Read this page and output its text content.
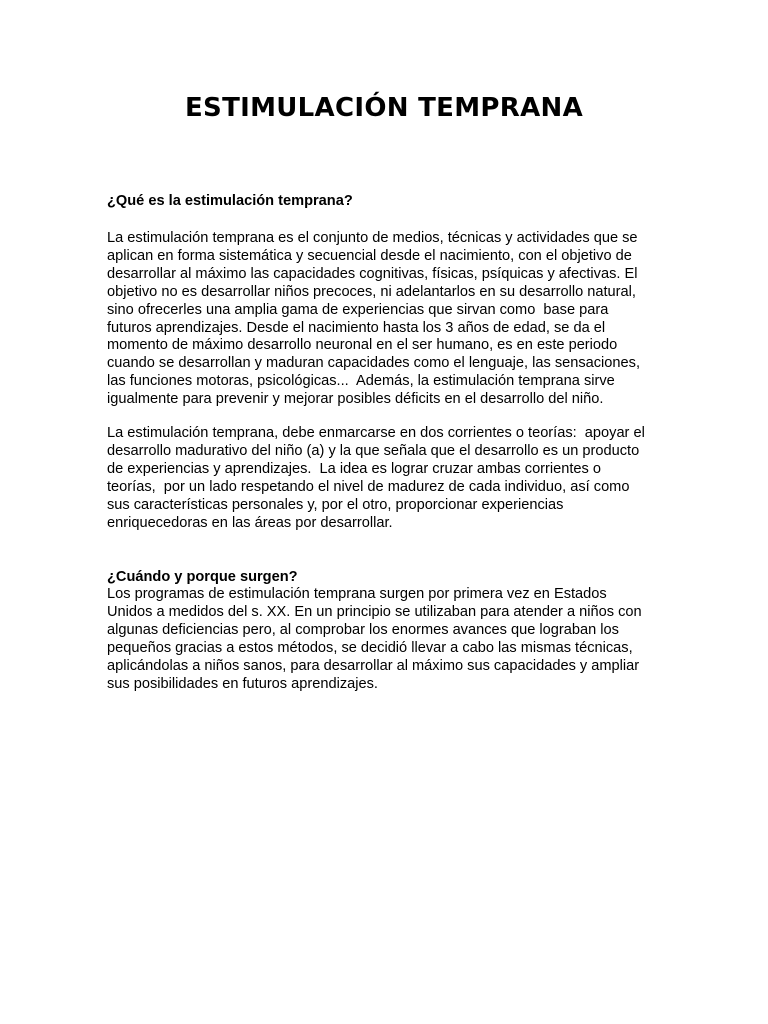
ESTIMULACIÓN TEMPRANA

¿Qué es la estimulación temprana?

La estimulación temprana es el conjunto de medios, técnicas y actividades que se
aplican en forma sistemática y secuencial desde el nacimiento, con el objetivo de
desarrollar al máximo las capacidades cognitivas, físicas, psíquicas y afectivas. El
objetivo no es desarrollar niños precoces, ni adelantarlos en su desarrollo natural,
sino ofrecerles una amplia gama de experiencias que sirvan como  base para
futuros aprendizajes. Desde el nacimiento hasta los 3 años de edad, se da el
momento de máximo desarrollo neuronal en el ser humano, es en este periodo
cuando se desarrollan y maduran capacidades como el lenguaje, las sensaciones,
las funciones motoras, psicológicas...  Además, la estimulación temprana sirve
igualmente para prevenir y mejorar posibles déficits en el desarrollo del niño.

La estimulación temprana, debe enmarcarse en dos corrientes o teorías:  apoyar el
desarrollo madurativo del niño (a) y la que señala que el desarrollo es un producto
de experiencias y aprendizajes.  La idea es lograr cruzar ambas corrientes o
teorías,  por un lado respetando el nivel de madurez de cada individuo, así como
sus características personales y, por el otro, proporcionar experiencias
enriquecedoras en las áreas por desarrollar.

¿Cuándo y porque surgen?

Los programas de estimulación temprana surgen por primera vez en Estados
Unidos a medidos del s. XX. En un principio se utilizaban para atender a niños con
algunas deficiencias pero, al comprobar los enormes avances que lograban los
pequeños gracias a estos métodos, se decidió llevar a cabo las mismas técnicas,
aplicándolas a niños sanos, para desarrollar al máximo sus capacidades y ampliar
sus posibilidades en futuros aprendizajes.
